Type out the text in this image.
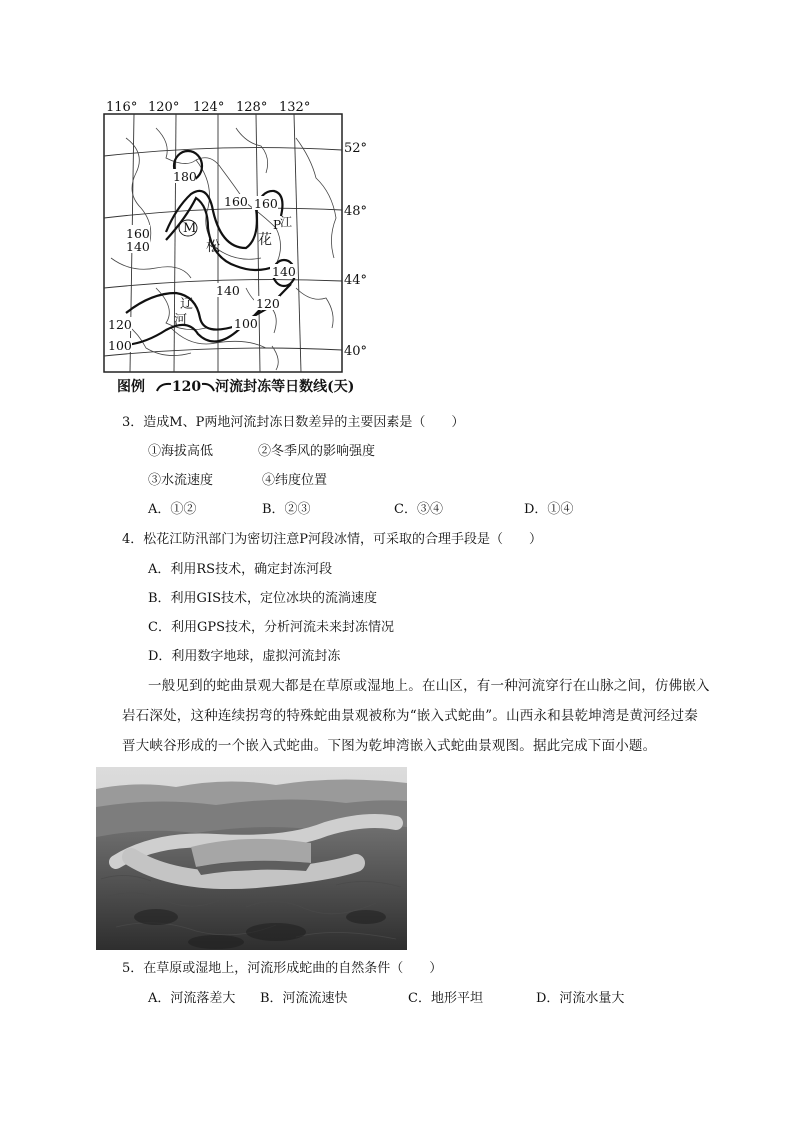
116° 120° 124° 128° 132°
52°
48°
44°
40°
180
160
140
160 160
140
140
120
120	100
100
M	P
松	花
江
辽
河
图例 120 河流封冻等日数线(天)
3．造成M、P两地河流封冻日数差异的主要因素是（　　）
①海拔高低	②冬季风的影响强度
③水流速度	④纬度位置
A．①②	B．②③	C．③④	D．①④
4．松花江防汛部门为密切注意P河段冰情，可采取的合理手段是（　　）
A．利用RS技术，确定封冻河段
B．利用GIS技术，定位冰块的流淌速度
C．利用GPS技术，分析河流未来封冻情况
D．利用数字地球，虚拟河流封冻
一般见到的蛇曲景观大都是在草原或湿地上。在山区，有一种河流穿行在山脉之间，仿佛嵌入
岩石深处，这种连续拐弯的特殊蛇曲景观被称为“嵌入式蛇曲”。山西永和县乾坤湾是黄河经过秦
晋大峡谷形成的一个嵌入式蛇曲。下图为乾坤湾嵌入式蛇曲景观图。据此完成下面小题。
5．在草原或湿地上，河流形成蛇曲的自然条件（　　）
A．河流落差大 B．河流流速快	C．地形平坦	D．河流水量大
